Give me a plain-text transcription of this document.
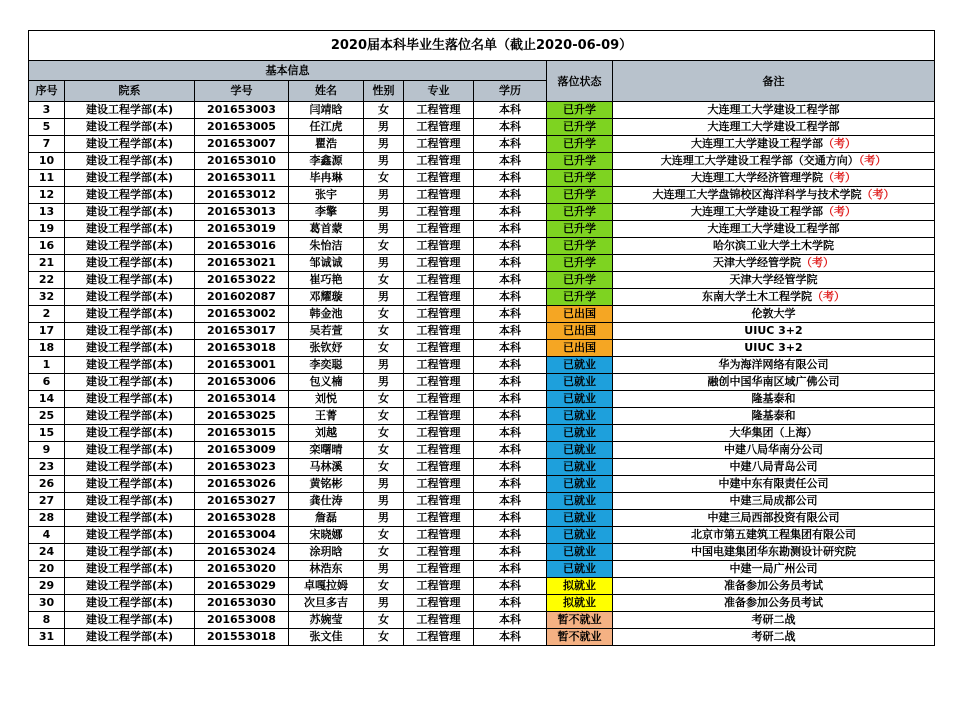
2020届本科毕业生落位名单（截止2020-06-09）								
基本信息							落位状态	备注
序号	院系	学号	姓名	性别	专业	学历		
3	建设工程学部(本)	201653003	闫靖晗	女	工程管理	本科	已升学	大连理工大学建设工程学部
5	建设工程学部(本)	201653005	任江虎	男	工程管理	本科	已升学	大连理工大学建设工程学部
7	建设工程学部(本)	201653007	瞿浩	男	工程管理	本科	已升学	大连理工大学建设工程学部（考）
10	建设工程学部(本)	201653010	李鑫源	男	工程管理	本科	已升学	大连理工大学建设工程学部（交通方向）（考）
11	建设工程学部(本)	201653011	毕冉琳	女	工程管理	本科	已升学	大连理工大学经济管理学院（考）
12	建设工程学部(本)	201653012	张宇	男	工程管理	本科	已升学	大连理工大学盘锦校区海洋科学与技术学院（考）
13	建设工程学部(本)	201653013	李擎	男	工程管理	本科	已升学	大连理工大学建设工程学部（考）
19	建设工程学部(本)	201653019	葛首蒙	男	工程管理	本科	已升学	大连理工大学建设工程学部
16	建设工程学部(本)	201653016	朱怡洁	女	工程管理	本科	已升学	哈尔滨工业大学土木学院
21	建设工程学部(本)	201653021	邹诚诚	男	工程管理	本科	已升学	天津大学经管学院（考）
22	建设工程学部(本)	201653022	崔巧艳	女	工程管理	本科	已升学	天津大学经管学院
32	建设工程学部(本)	201602087	邓耀璇	男	工程管理	本科	已升学	东南大学土木工程学院（考）
2	建设工程学部(本)	201653002	韩金池	女	工程管理	本科	已出国	伦敦大学
17	建设工程学部(本)	201653017	吴若萱	女	工程管理	本科	已出国	UIUC 3+2
18	建设工程学部(本)	201653018	张钦妤	女	工程管理	本科	已出国	UIUC 3+2
1	建设工程学部(本)	201653001	李奕聪	男	工程管理	本科	已就业	华为海洋网络有限公司
6	建设工程学部(本)	201653006	包义楠	男	工程管理	本科	已就业	融创中国华南区域广佛公司
14	建设工程学部(本)	201653014	刘悦	女	工程管理	本科	已就业	隆基泰和
25	建设工程学部(本)	201653025	王菁	女	工程管理	本科	已就业	隆基泰和
15	建设工程学部(本)	201653015	刘越	女	工程管理	本科	已就业	大华集团（上海）
9	建设工程学部(本)	201653009	栾曙晴	女	工程管理	本科	已就业	中建八局华南分公司
23	建设工程学部(本)	201653023	马林溪	女	工程管理	本科	已就业	中建八局青岛公司
26	建设工程学部(本)	201653026	黄铭彬	男	工程管理	本科	已就业	中建中东有限责任公司
27	建设工程学部(本)	201653027	龚仕涛	男	工程管理	本科	已就业	中建三局成都公司
28	建设工程学部(本)	201653028	詹磊	男	工程管理	本科	已就业	中建三局西部投资有限公司
4	建设工程学部(本)	201653004	宋晓娜	女	工程管理	本科	已就业	北京市第五建筑工程集团有限公司
24	建设工程学部(本)	201653024	涂玥晗	女	工程管理	本科	已就业	中国电建集团华东勘测设计研究院
20	建设工程学部(本)	201653020	林浩东	男	工程管理	本科	已就业	中建一局广州公司
29	建设工程学部(本)	201653029	卓嘎拉姆	女	工程管理	本科	拟就业	准备参加公务员考试
30	建设工程学部(本)	201653030	次旦多吉	男	工程管理	本科	拟就业	准备参加公务员考试
8	建设工程学部(本)	201653008	苏婉莹	女	工程管理	本科	暂不就业	考研二战
31	建设工程学部(本)	201553018	张文佳	女	工程管理	本科	暂不就业	考研二战
